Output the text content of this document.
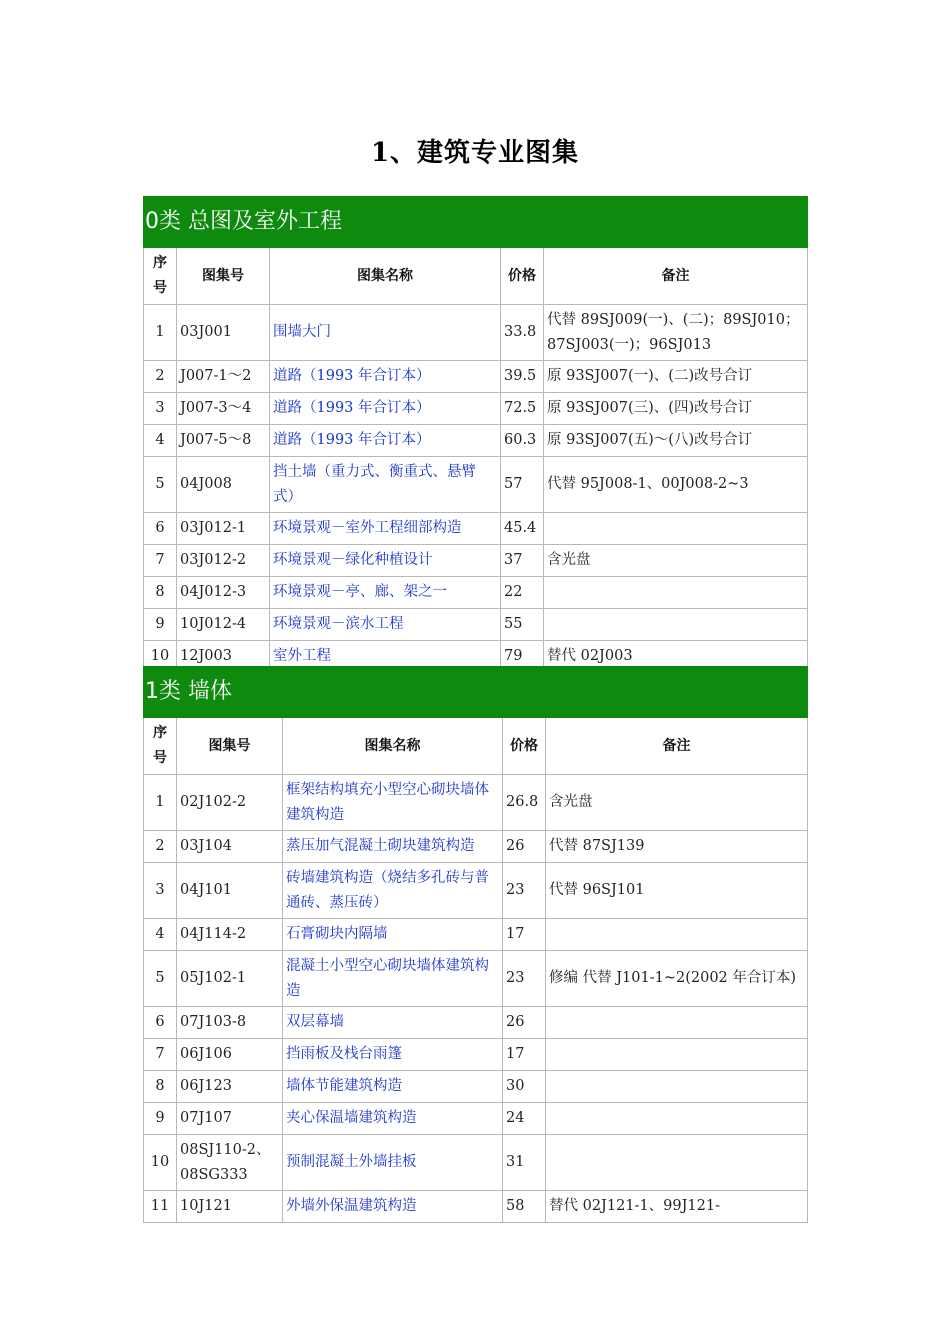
1、建筑专业图集
0类 总图及室外工程				
序号	图集号	图集名称	价格	备注
1	03J001	围墙大门	33.8	代替 89SJ009(一)、(二)；89SJ010；87SJ003(一)；96SJ013
2	J007-1～2	道路（1993 年合订本）	39.5	原 93SJ007(一)、(二)改号合订
3	J007-3～4	道路（1993 年合订本）	72.5	原 93SJ007(三)、(四)改号合订
4	J007-5～8	道路（1993 年合订本）	60.3	原 93SJ007(五)～(八)改号合订
5	04J008	挡土墙（重力式、衡重式、悬臂式）	57	代替 95J008-1、00J008-2~3
6	03J012-1	环境景观－室外工程细部构造	45.4	
7	03J012-2	环境景观－绿化种植设计	37	含光盘
8	04J012-3	环境景观－亭、廊、架之一	22	
9	10J012-4	环境景观－滨水工程	55	
10	12J003	室外工程	79	替代 02J003
1类 墙体				
序号	图集号	图集名称	价格	备注
1	02J102-2	框架结构填充小型空心砌块墙体建筑构造	26.8	含光盘
2	03J104	蒸压加气混凝土砌块建筑构造	26	代替 87SJ139
3	04J101	砖墙建筑构造（烧结多孔砖与普通砖、蒸压砖）	23	代替 96SJ101
4	04J114-2	石膏砌块内隔墙	17	
5	05J102-1	混凝土小型空心砌块墙体建筑构造	23	修编 代替 J101-1~2(2002 年合订本)
6	07J103-8	双层幕墙	26	
7	06J106	挡雨板及栈台雨篷	17	
8	06J123	墙体节能建筑构造	30	
9	07J107	夹心保温墙建筑构造	24	
10	08SJ110-2、08SG333	预制混凝土外墙挂板	31	
11	10J121	外墙外保温建筑构造	58	替代 02J121-1、99J121-
